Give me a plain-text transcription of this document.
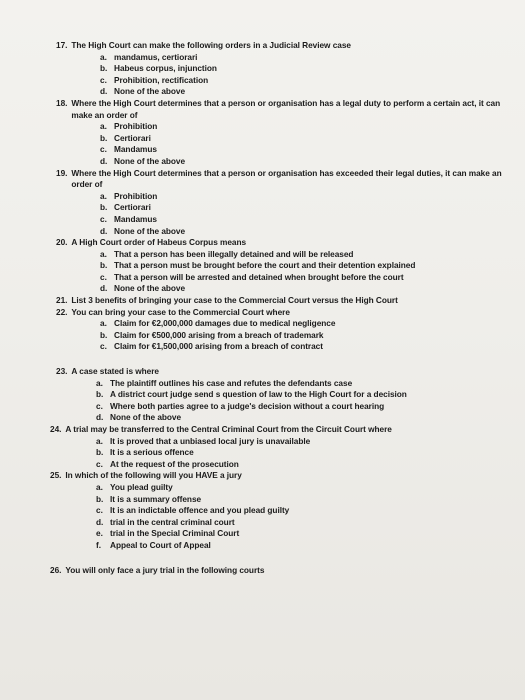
17. The High Court can make the following orders in a Judicial Review case
a. mandamus, certiorari
b. Habeus corpus, injunction
c. Prohibition, rectification
d. None of the above
18. Where the High Court determines that a person or organisation has a legal duty to perform a certain act, it can make an order of
a. Prohibition
b. Certiorari
c. Mandamus
d. None of the above
19. Where the High Court determines that a person or organisation has exceeded their legal duties, it can make an order of
a. Prohibition
b. Certiorari
c. Mandamus
d. None of the above
20. A High Court order of Habeus Corpus means
a. That a person has been illegally detained and will be released
b. That a person must be brought before the court and their detention explained
c. That a person will be arrested and detained when brought before the court
d. None of the above
21. List 3 benefits of bringing your case to the Commercial Court versus the High Court
22. You can bring your case to the Commercial Court where
a. Claim for €2,000,000 damages due to medical negligence
b. Claim for €500,000 arising from a breach of trademark
c. Claim for €1,500,000 arising from a breach of contract
23. A case stated is where
a. The plaintiff outlines his case and refutes the defendants case
b. A district court judge send s question of law to the High Court for a decision
c. Where both parties agree to a judge's decision without a court hearing
d. None of the above
24. A trial may be transferred to the Central Criminal Court from the Circuit Court where
a. It is proved that a unbiased local jury is unavailable
b. It is a serious offence
c. At the request of the prosecution
25. In which of the following will you HAVE a jury
a. You plead guilty
b. It is a summary offense
c. It is an indictable offence and you plead guilty
d. trial in the central criminal court
e. trial in the Special Criminal Court
f.	Appeal to Court of Appeal
26. You will only face a jury trial in the following courts
